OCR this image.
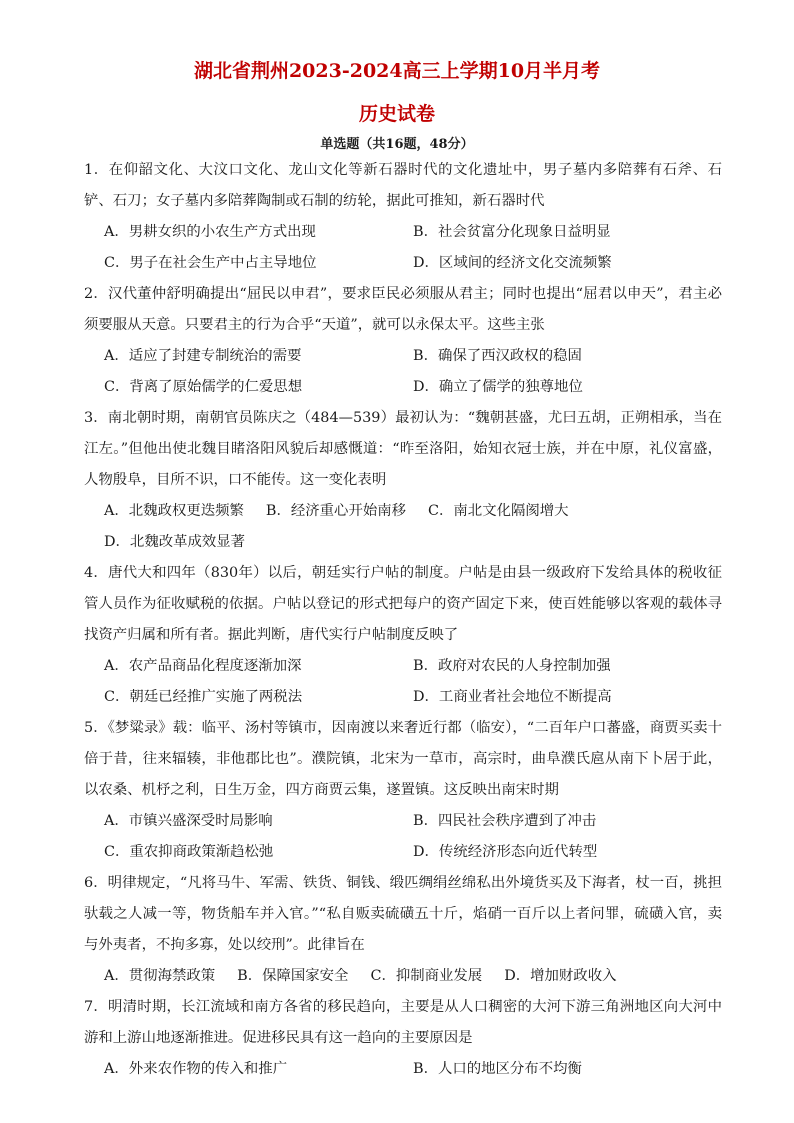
湖北省荆州2023-2024高三上学期10月半月考
历史试卷
单选题（共16题，48分）

1．在仰韶文化、大汶口文化、龙山文化等新石器时代的文化遗址中，男子墓内多陪葬有石斧、石铲、石刀；女子墓内多陪葬陶制或石制的纺轮，据此可推知，新石器时代

A．男耕女织的小农生产方式出现	B．社会贫富分化现象日益明显
C．男子在社会生产中占主导地位	D．区域间的经济文化交流频繁

2．汉代董仲舒明确提出“屈民以申君”，要求臣民必须服从君主；同时也提出“屈君以申天”，君主必须要服从天意。只要君主的行为合乎“天道”，就可以永保太平。这些主张

A．适应了封建专制统治的需要	B．确保了西汉政权的稳固
C．背离了原始儒学的仁爱思想	D．确立了儒学的独尊地位

3．南北朝时期，南朝官员陈庆之（484—539）最初认为：“魏朝甚盛，尤曰五胡，正朔相承，当在江左。”但他出使北魏目睹洛阳风貌后却感慨道：“昨至洛阳，始知衣冠士族，并在中原，礼仪富盛，人物殷阜，目所不识，口不能传。这一变化表明

A．北魏政权更迭频繁 B．经济重心开始南移 C．南北文化隔阂增大
D．北魏改革成效显著

4．唐代大和四年（830年）以后，朝廷实行户帖的制度。户帖是由县一级政府下发给具体的税收征管人员作为征收赋税的依据。户帖以登记的形式把每户的资产固定下来，使百姓能够以客观的载体寻找资产归属和所有者。据此判断，唐代实行户帖制度反映了

A．农产品商品化程度逐渐加深	B．政府对农民的人身控制加强
C．朝廷已经推广实施了两税法	D．工商业者社会地位不断提高

5．《梦粱录》载：临平、汤村等镇市，因南渡以来奢近行都（临安），“二百年户口蕃盛，商贾买卖十倍于昔，往来辐辏，非他郡比也”。濮院镇，北宋为一草市，高宗时，曲阜濮氏扈从南下卜居于此，以农桑、机杼之利，日生万金，四方商贾云集，遂置镇。这反映出南宋时期

A．市镇兴盛深受时局影响	B．四民社会秩序遭到了冲击
C．重农抑商政策渐趋松弛	D．传统经济形态向近代转型

6．明律规定，“凡将马牛、军需、铁货、铜钱、缎匹绸绢丝绵私出外境货买及下海者，杖一百，挑担驮载之人减一等，物货船车并入官。”“私自贩卖硫磺五十斤，焰硝一百斤以上者问罪，硫磺入官，卖与外夷者，不拘多寡，处以绞刑”。此律旨在

A．贯彻海禁政策 B．保障国家安全 C．抑制商业发展 D．增加财政收入

7．明清时期，长江流域和南方各省的移民趋向，主要是从人口稠密的大河下游三角洲地区向大河中游和上游山地逐渐推进。促进移民具有这一趋向的主要原因是

A．外来农作物的传入和推广	B．人口的地区分布不均衡
